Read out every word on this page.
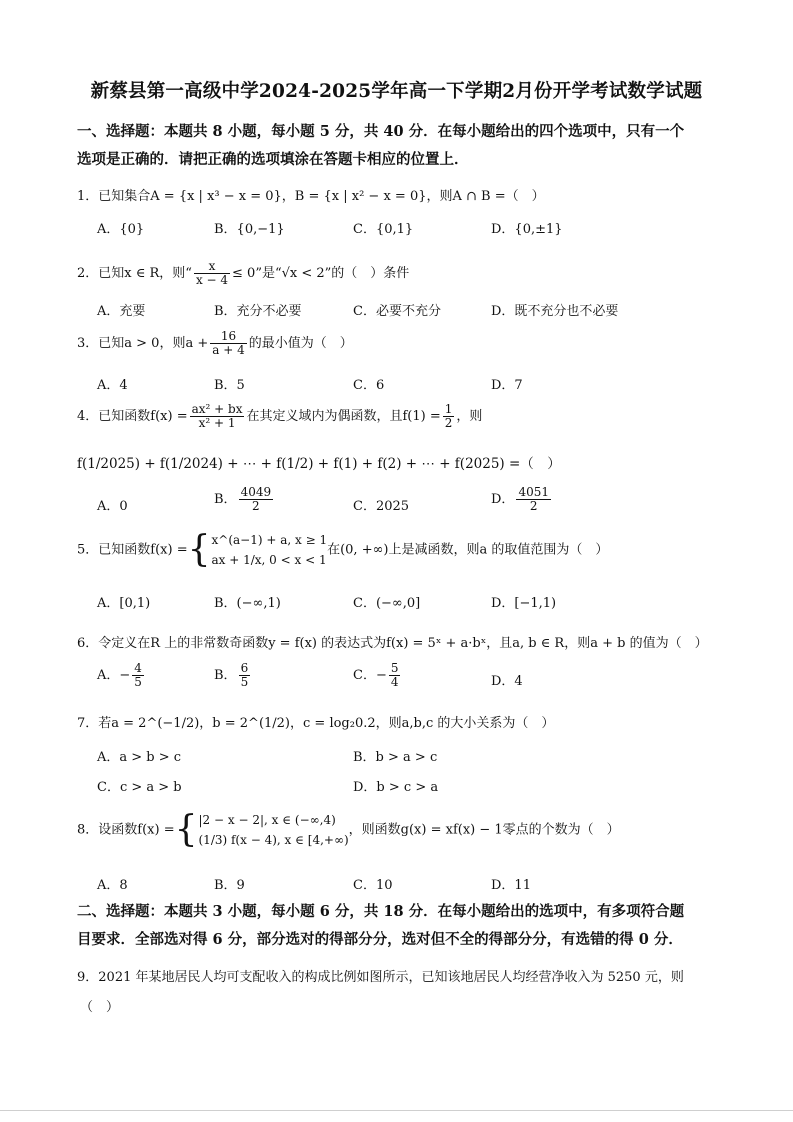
新蔡县第一高级中学2024-2025学年高一下学期2月份开学考试数学试题
一、选择题：本题共 8 小题，每小题 5 分，共 40 分．在每小题给出的四个选项中，只有一个
选项是正确的．请把正确的选项填涂在答题卡相应的位置上．
1．已知集合A = {x | x³ − x = 0}，B = {x | x² − x = 0}，则A ∩ B =（　）
A．{0}	B．{0,−1}	C．{0,1}	D．{0,±1}
2．已知x ∈ R，则“ $\frac{x}{x - 4} \le 0$”是“√x < 2”的（　）条件
A．充要	B．充分不必要	C．必要不充分	D．既不充分也不必要
3．已知a > 0，则$a + \frac{16}{a + 4}$ 的最小值为（　）
A．4	B．5	C．6	D．7
4．已知函数$f(x) = \frac{\text{ax² + bx}}{\text{x² + 1}}$ 在其定义域内为偶函数，且$f(1) = \frac{1}{2}$ ，则
f(1/2025) + f(1/2024) + ⋯ + f(1/2) + f(1) + f(2) + ⋯ + f(2025) =（　）
A．0	B． $\frac{4049}{2}$	C．2025	D． $\frac{4051}{2}$
5．已知函数f(x) ={ x^(a−1) + a, x ≥ 1
ax + 1/x, 0 < x < 1
在(0, +∞)上是减函数，则a 的取值范围为（　）
A．[0,1)	B．(−∞,1)	C．(−∞,0]	D．[−1,1)
6．令定义在R 上的非常数奇函数y = f(x) 的表达式为f(x) = 5ˣ + a·bˣ，且a, b ∈ R，则a + b 的值为（　）
A．− $\frac{4}{5}$	B． $\frac{6}{5}$	C．− $\frac{5}{4}$	D．4
7．若a = 2^(−1/2)，b = 2^(1/2)，c = log₂0.2，则a,b,c 的大小关系为（　）
A．a > b > c	B．b > a > c
C．c > a > b	D．b > c > a
8．设函数f(x) ={ |2 − x − 2|, x ∈ (−∞,4)
(1/3) f(x − 4), x ∈ [4,+∞)
，则函数g(x) = xf(x) − 1零点的个数为（　）
A．8	B．9	C．10	D．11
二、选择题：本题共 3 小题，每小题 6 分，共 18 分．在每小题给出的选项中，有多项符合题
目要求．全部选对得 6 分，部分选对的得部分分，选对但不全的得部分分，有选错的得 0 分．
9．2021 年某地居民人均可支配收入的构成比例如图所示，已知该地居民人均经营净收入为 5250 元，则
（　）
